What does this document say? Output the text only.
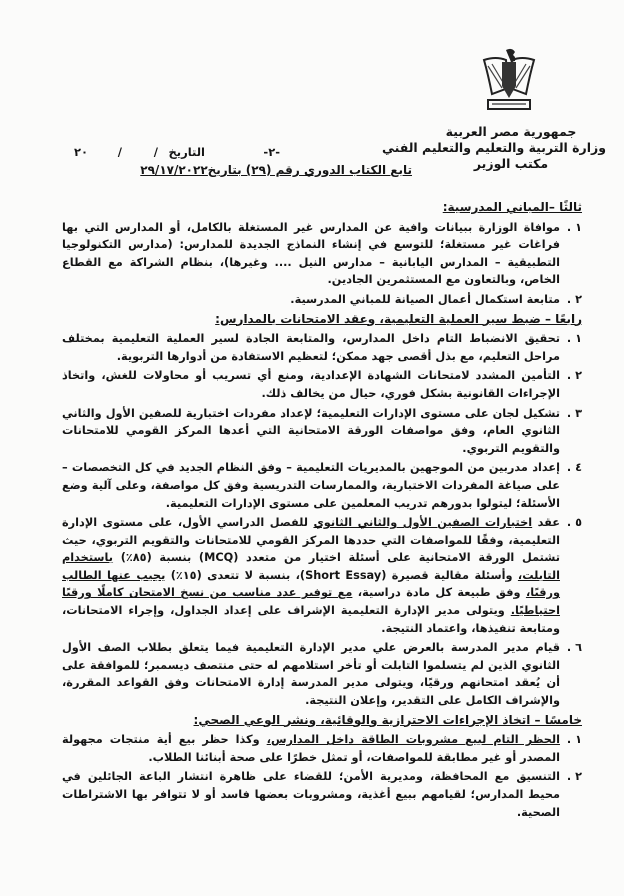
جمهورية مصر العربية
وزارة التربية والتعليم والتعليم الفني
مكتب الوزير
-٢-
التاريخ
/
/
٢٠
تابع الكتاب الدوري رقم (٢٩) بتاريخ٢٩/١٧/٢٠٢٢
ثالثًا –المباني المدرسية:
١ .
موافاة الوزارة ببيانات وافية عن المدارس غير المستغلة بالكامل، أو المدارس التي بها فراغات غير مستغلة؛ للتوسع في إنشاء النماذج الجديدة للمدارس: (مدارس التكنولوجيا التطبيقية – المدارس اليابانية – مدارس النيل .... وغيرها)، بنظام الشراكة مع القطاع الخاص، وبالتعاون مع المستثمرين الجادين.
٢ .
متابعة استكمال أعمال الصيانة للمباني المدرسية.
رابعًا – ضبط سير العملية التعليمية، وعقد الامتحانات بالمدارس:
١ .
تحقيق الانضباط التام داخل المدارس، والمتابعة الجادة لسير العملية التعليمية بمختلف مراحل التعليم، مع بذل أقصى جهد ممكن؛ لتعظيم الاستفادة من أدوارها التربوية.
٢ .
التأمين المشدد لامتحانات الشهادة الإعدادية، ومنع أي تسريب أو محاولات للغش، واتخاذ الإجراءات القانونية بشكل فوري، حيال من يخالف ذلك.
٣ .
تشكيل لجان على مستوى الإدارات التعليمية؛ لإعداد مفردات اختبارية للصفين الأول والثاني الثانوي العام، وفق مواصفات الورقة الامتحانية التي أعدها المركز القومي للامتحانات والتقويم التربوي.
٤ .
إعداد مدربين من الموجهين بالمديريات التعليمية – وفق النظام الجديد في كل التخصصات – على صياغة المفردات الاختبارية، والممارسات التدريسية وفق كل مواصفة، وعلى آلية وضع الأسئلة؛ ليتولوا بدورهم تدريب المعلمين على مستوى الإدارات التعليمية.
٥ .
عقد اختبارات الصفين الأول والثاني الثانوي للفصل الدراسي الأول، على مستوى الإدارة التعليمية، وفقًا للمواصفات التي حددها المركز القومي للامتحانات والتقويم التربوي، حيث تشتمل الورقة الامتحانية على أسئلة اختيار من متعدد (MCQ) بنسبة (٨٥٪) باستخدام التابلت، وأسئلة مقالية قصيرة (Short Essay)، بنسبة لا تتعدى (١٥٪) يجيب عنها الطالب ورقيًا، وفق طبيعة كل مادة دراسية، مع توفير عدد مناسب من نسخ الامتحان كاملًا ورقيًا احتياطيًا. ويتولى مدير الإدارة التعليمية الإشراف على إعداد الجداول، وإجراء الامتحانات، ومتابعة تنفيذها، واعتماد النتيجة.
٦ .
قيام مدير المدرسة بالعرض علي مدير الإدارة التعليمية فيما يتعلق بطلاب الصف الأول الثانوي الذين لم يتسلموا التابلت أو تأخر استلامهم له حتى منتصف ديسمبر؛ للموافقة على أن يُعقد امتحانهم ورقيًا، ويتولى مدير المدرسة إدارة الامتحانات وفق القواعد المقررة، والإشراف الكامل على التقدير، وإعلان النتيجة.
خامسًا – اتخاذ الإجراءات الاحترازية والوقائية، ونشر الوعي الصحي:
١ .
الحظر التام لبيع مشروبات الطاقة داخل المدارس، وكذا حظر بيع أية منتجات مجهولة المصدر أو غير مطابقة للمواصفات، أو تمثل خطرًا على صحة أبنائنا الطلاب.
٢ .
التنسيق مع المحافظة، ومديرية الأمن؛ للقضاء على ظاهرة انتشار الباعة الجائلين في محيط المدارس؛ لقيامهم ببيع أغذية، ومشروبات بعضها فاسد أو لا تتوافر بها الاشتراطات الصحية.
